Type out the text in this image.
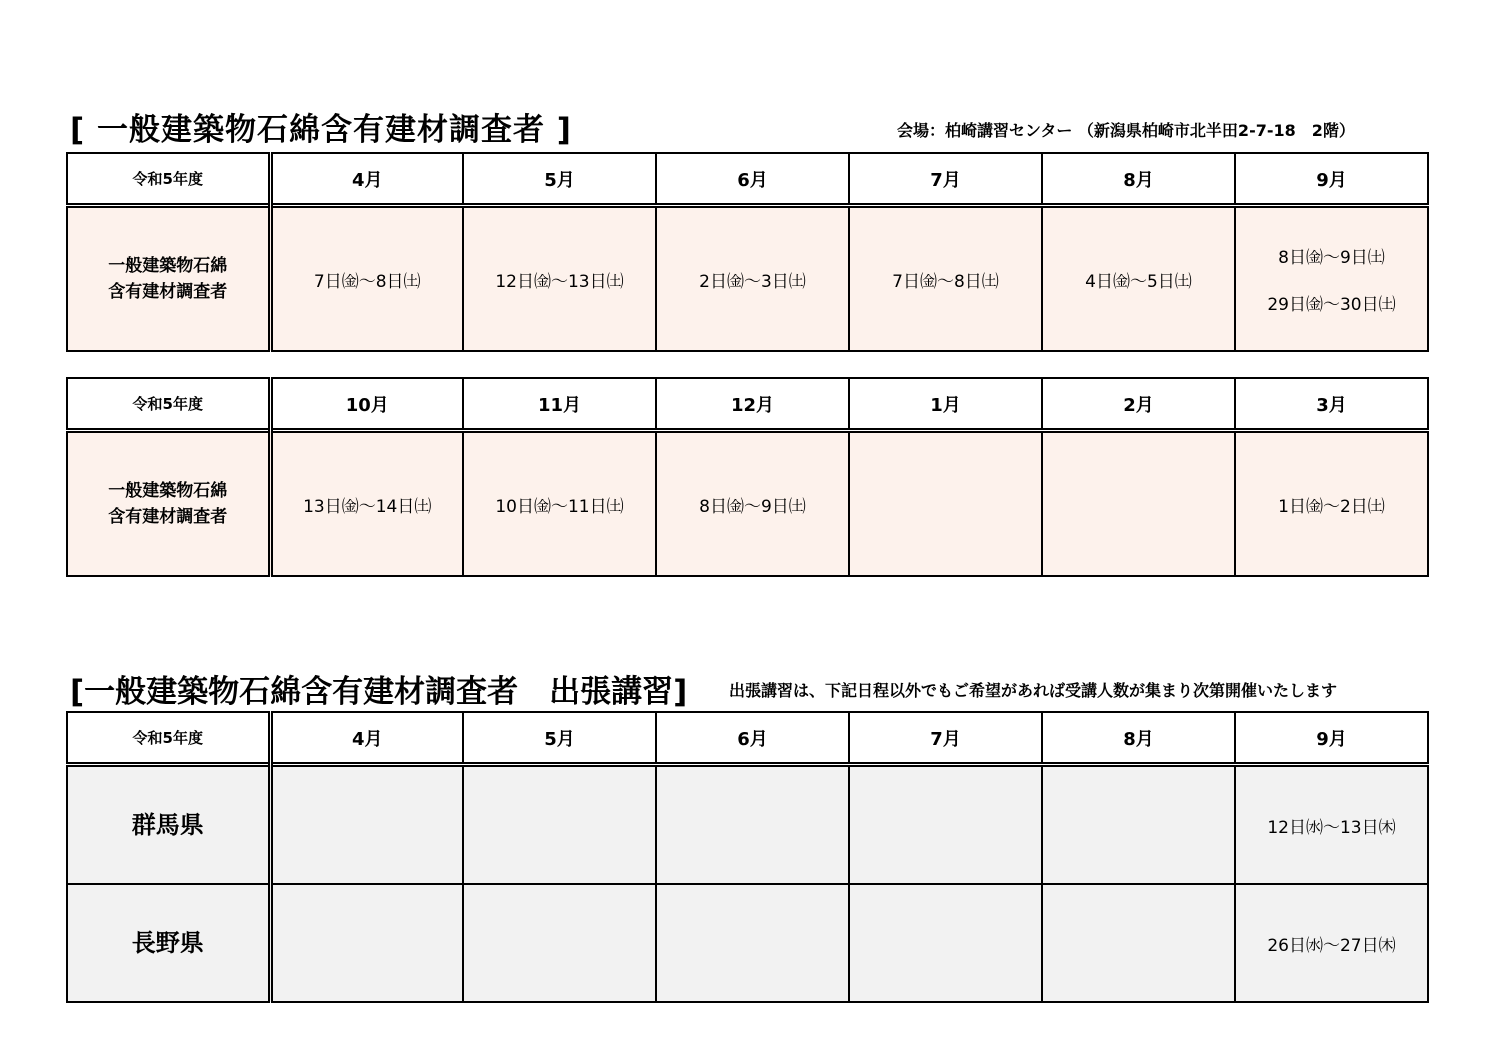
[ 一般建築物石綿含有建材調査者 ]	会場：柏崎講習センター （新潟県柏崎市北半田2-7-18　2階）
令和5年度	4月	5月	6月	7月	8月	9月

一般建築物石綿
含有建材調査者	7日㈮～8日㈯	12日㈮～13日㈯	2日㈮～3日㈯	7日㈮～8日㈯	4日㈮～5日㈯	8日㈮～9日㈯
29日㈮～30日㈯
令和5年度	10月	11月	12月	1月	2月	3月

一般建築物石綿
含有建材調査者	13日㈮～14日㈯	10日㈮～11日㈯	8日㈮～9日㈯			1日㈮～2日㈯
[一般建築物石綿含有建材調査者　出張講習]	出張講習は、下記日程以外でもご希望があれば受講人数が集まり次第開催いたします
令和5年度	4月	5月	6月	7月	8月	9月
群馬県						12日㈬～13日㈭
長野県						26日㈬～27日㈭
